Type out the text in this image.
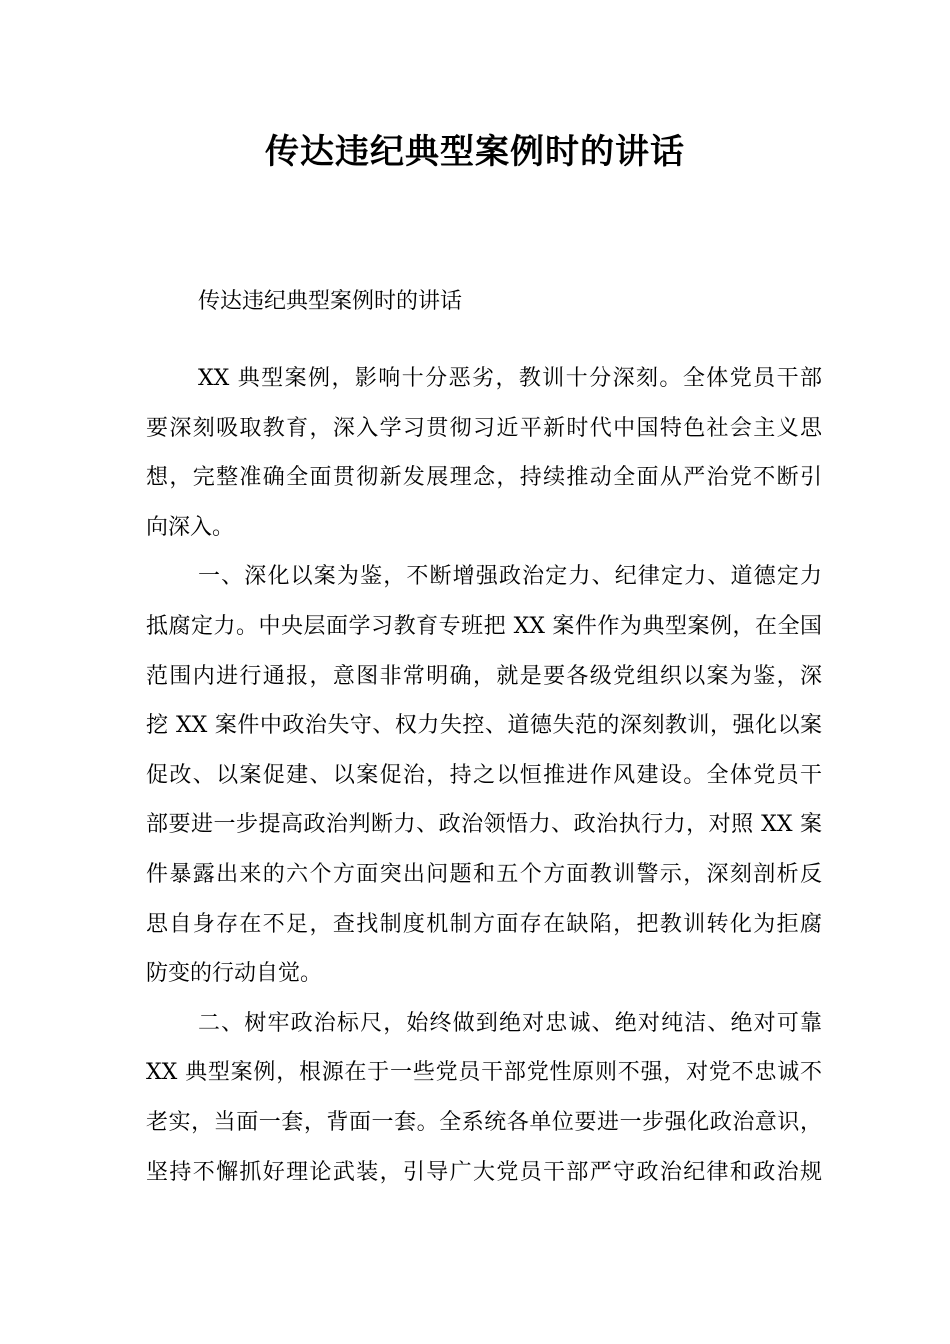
传达违纪典型案例时的讲话

传达违纪典型案例时的讲话

XX 典型案例，影响十分恶劣，教训十分深刻。全体党员干部
要深刻吸取教育，深入学习贯彻习近平新时代中国特色社会主义思
想，完整准确全面贯彻新发展理念，持续推动全面从严治党不断引
向深入。

一、深化以案为鉴，不断增强政治定力、纪律定力、道德定力
抵腐定力。中央层面学习教育专班把 XX 案件作为典型案例，在全国
范围内进行通报，意图非常明确，就是要各级党组织以案为鉴，深
挖 XX 案件中政治失守、权力失控、道德失范的深刻教训，强化以案
促改、以案促建、以案促治，持之以恒推进作风建设。全体党员干
部要进一步提高政治判断力、政治领悟力、政治执行力，对照 XX 案
件暴露出来的六个方面突出问题和五个方面教训警示，深刻剖析反
思自身存在不足，查找制度机制方面存在缺陷，把教训转化为拒腐
防变的行动自觉。

二、树牢政治标尺，始终做到绝对忠诚、绝对纯洁、绝对可靠
XX 典型案例，根源在于一些党员干部党性原则不强，对党不忠诚不
老实，当面一套，背面一套。全系统各单位要进一步强化政治意识，
坚持不懈抓好理论武装，引导广大党员干部严守政治纪律和政治规
